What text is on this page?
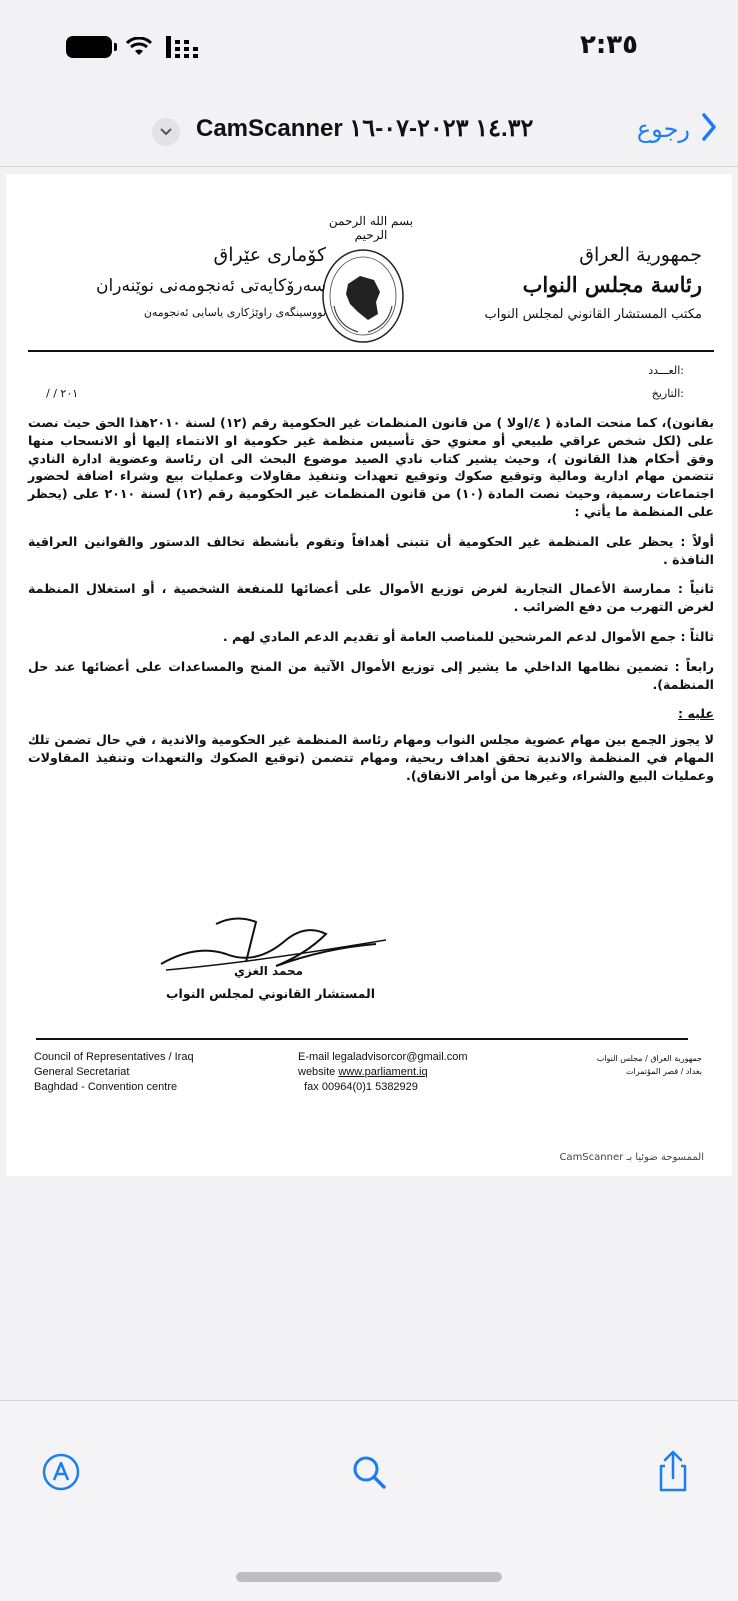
٢:٣٥
CamScanner ١٤.٣٢ ٢٠٢٣-٠٧-١٦	رجوع
جمهورية العراق
رئاسة مجلس النواب
مكتب المستشار القانوني لمجلس النواب
بسم الله الرحمن الرحيم
كۆماری عێراق
سەرۆكایەتی ئەنجومەنی نوێنەران
نووسینگەی راوێژكاری یاسایی ئەنجومەن
العـــدد:
التاريخ:
/ / ٢٠١

بقانون)، كما منحت المادة ( ٤/اولا ) من قانون المنظمات غير الحكومية رقم (١٢) لسنة ٢٠١٠هذا الحق حيث نصت على (لكل شخص عراقي طبيعي أو معنوي حق تأسيس منظمة غير حكومية او الانتماء إليها أو الانسحاب منها وفق أحكام هذا القانون )، وحيث يشير كتاب نادي الصيد موضوع البحث الى ان رئاسة وعضوية ادارة النادي تتضمن مهام ادارية ومالية وتوقيع صكوك وتوقيع تعهدات وتنفيذ مقاولات وعمليات بيع وشراء اضافة لحضور اجتماعات رسمية، وحيث نصت المادة (١٠) من قانون المنظمات غير الحكومية رقم (١٢) لسنة ٢٠١٠ على (يحظر على المنظمة ما يأتي :

أولاً : يحظر على المنظمة غير الحكومية أن تتبنى أهدافاً وتقوم بأنشطة تخالف الدستور والقوانين العراقية النافذة .

ثانياً : ممارسة الأعمال التجارية لغرض توزيع الأموال على أعضائها للمنفعة الشخصية ، أو استغلال المنظمة لغرض التهرب من دفع الضرائب .

ثالثاً : جمع الأموال لدعم المرشحين للمناصب العامة أو تقديم الدعم المادي لهم .

رابعاً : تضمين نظامها الداخلي ما يشير إلى توزيع الأموال الآتية من المنح والمساعدات على أعضائها عند حل المنظمة).

عليه :

لا يجوز الجمع بين مهام عضوية مجلس النواب ومهام رئاسة المنظمة غير الحكومية والاندية ، في حال تضمن تلك المهام في المنظمة والاندية تحقق اهداف ربحية، ومهام تتضمن (توقيع الصكوك والتعهدات وتنفيذ المقاولات وعمليات البيع والشراء، وغيرها من أوامر الانفاق).

محمد الغزي
المستشار القانوني لمجلس النواب
Council of Representatives / Iraq
General Secretariat
Baghdad - Convention centre
E-mail legaladvisorcor@gmail.com
website www.parliament.iq
fax 00964(0)1 5382929
جمهورية العراق / مجلس النواب
بغداد / قصر المؤتمرات
الممسوحة ضوئيا بـ CamScanner
